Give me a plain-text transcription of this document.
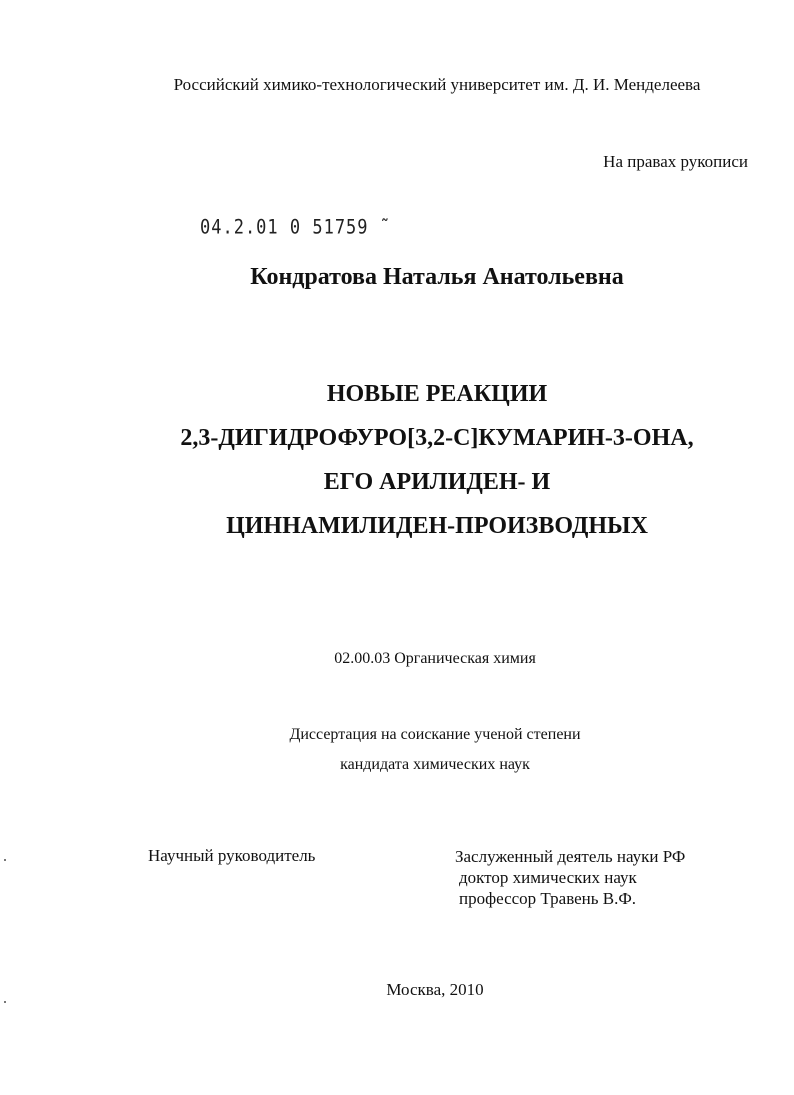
Российский химико-технологический университет им. Д. И. Менделеева
На правах рукописи
04.2.01 0 51759 ˜
Кондратова Наталья Анатольевна
НОВЫЕ РЕАКЦИИ
2,3-ДИГИДРОФУРО[3,2-С]КУМАРИН-3-ОНА,
ЕГО АРИЛИДЕН- И
ЦИННАМИЛИДЕН-ПРОИЗВОДНЫХ
02.00.03 Органическая химия
Диссертация на соискание ученой степени
кандидата химических наук
Научный руководитель	Заслуженный деятель науки РФ
доктор химических наук
профессор Травень В.Ф.
Москва, 2010
